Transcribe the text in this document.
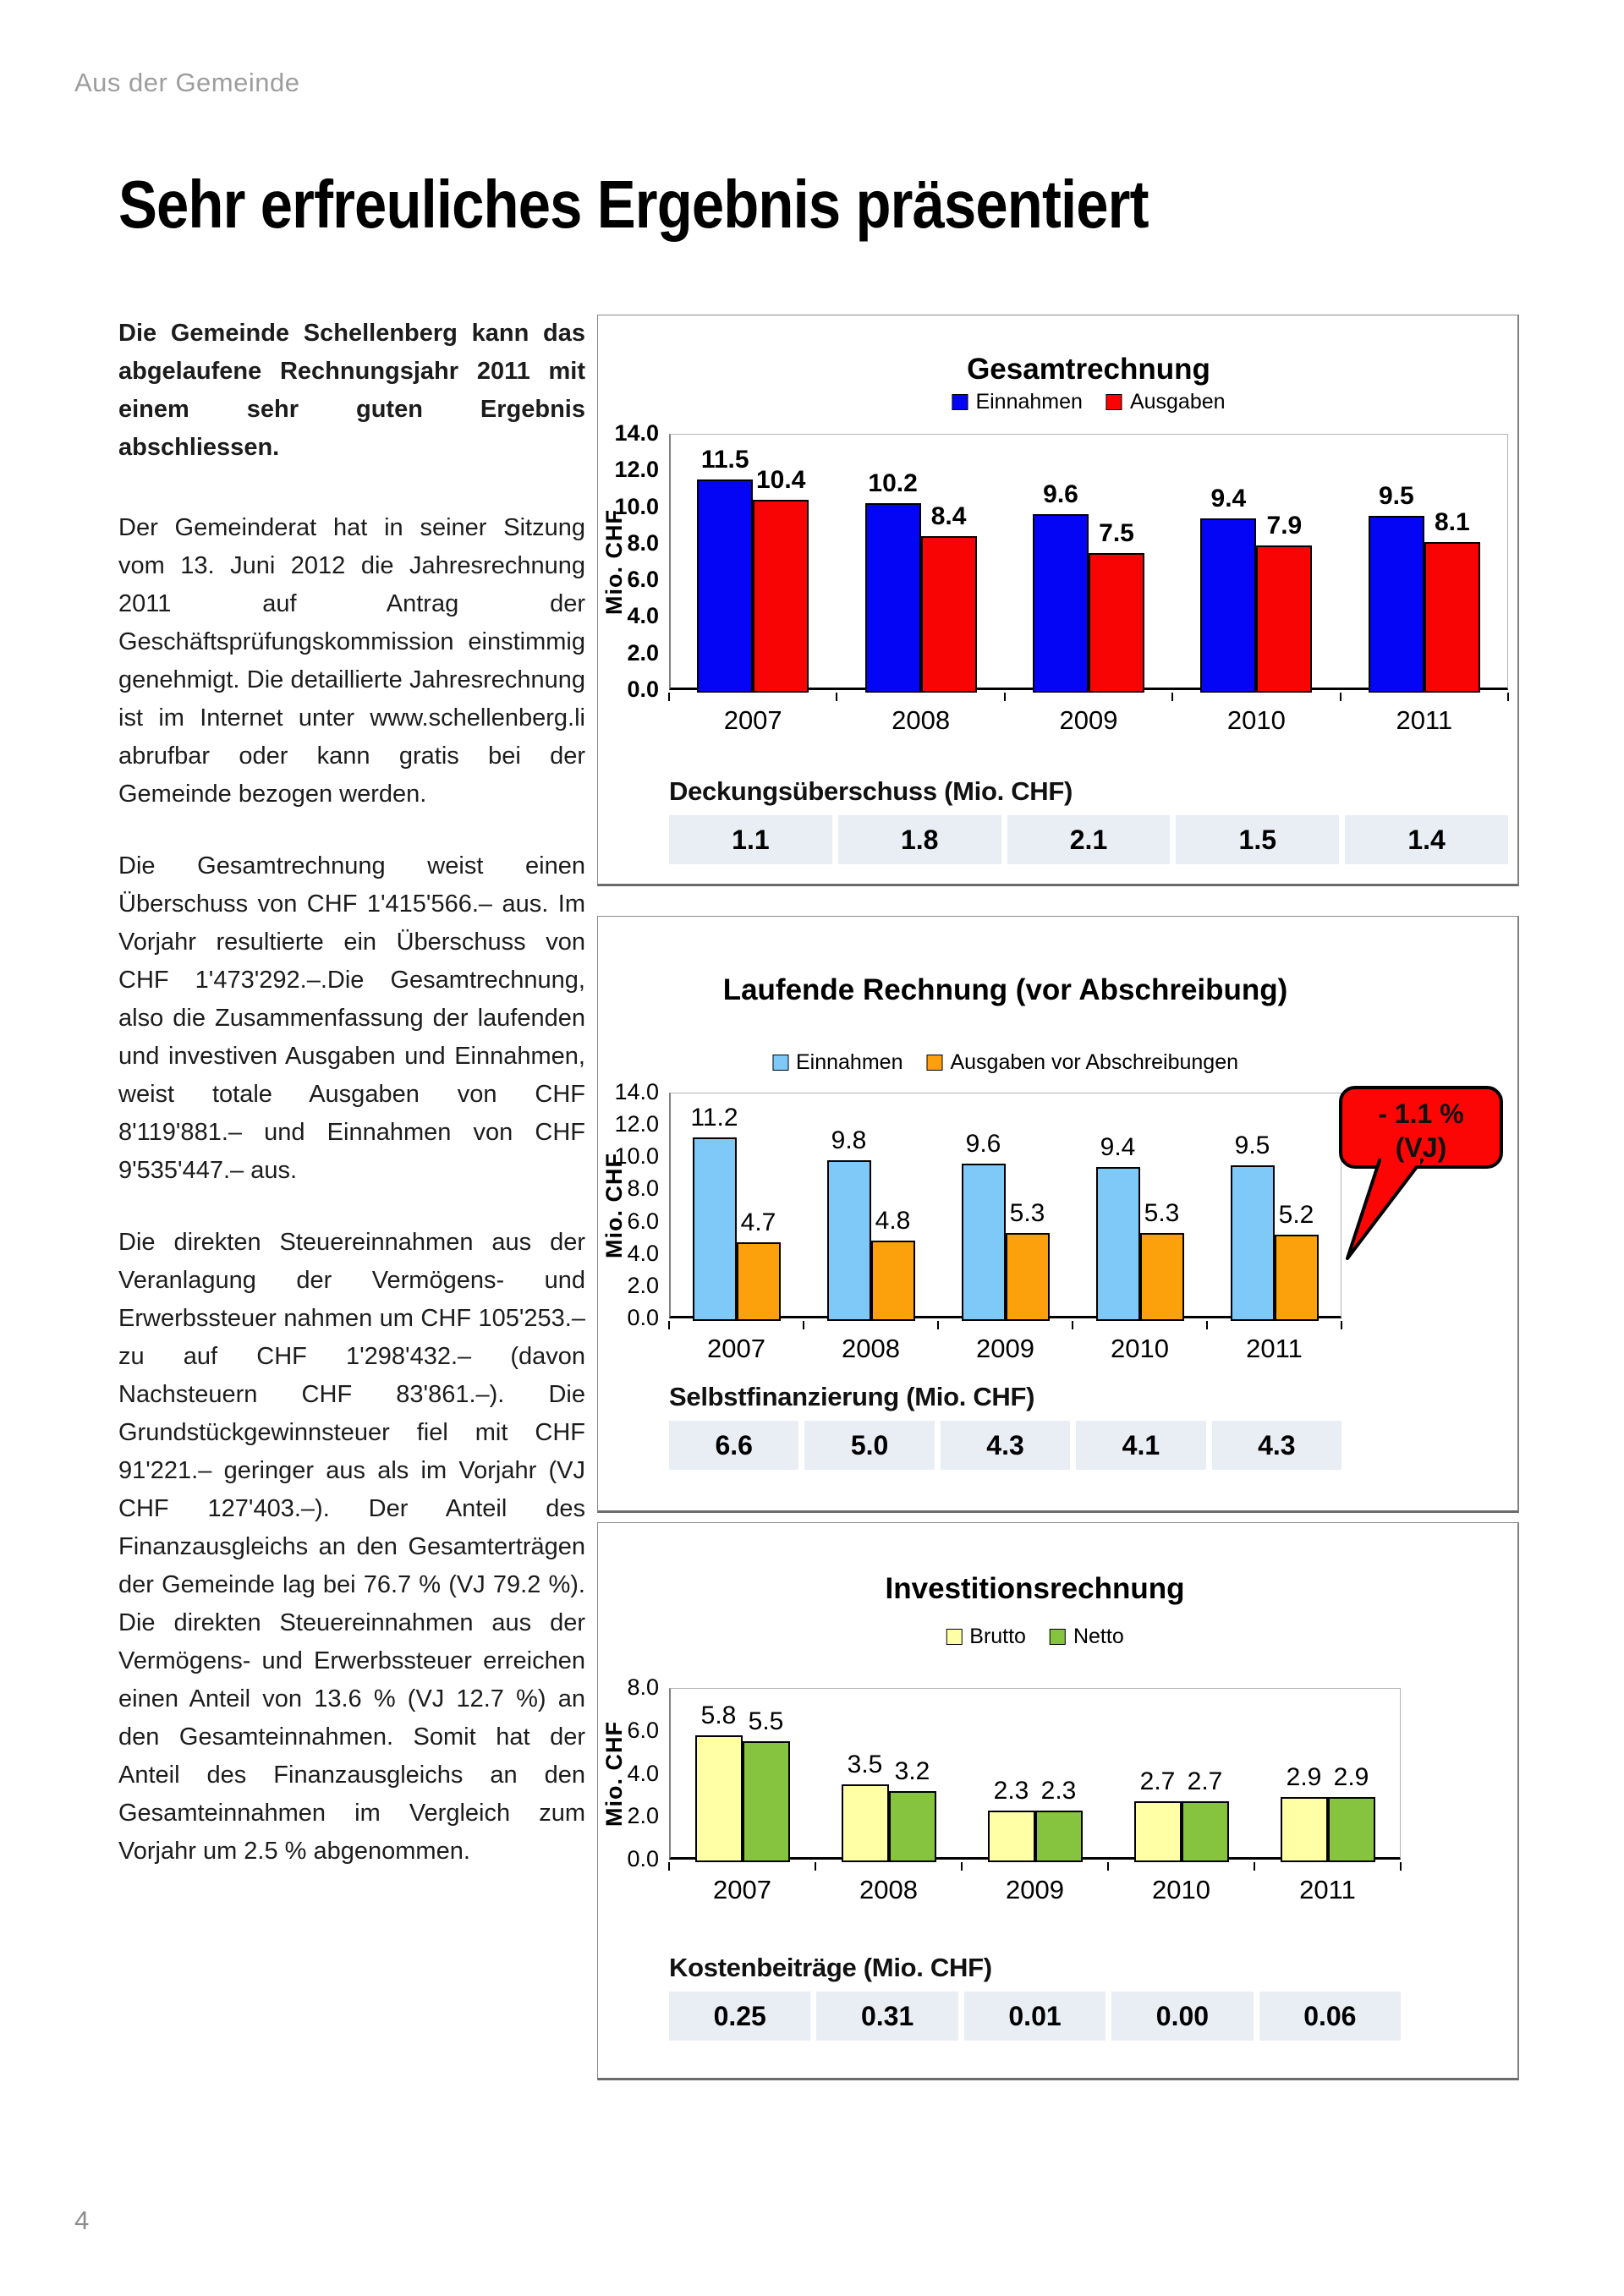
Aus der Gemeinde
Sehr erfreuliches Ergebnis präsentiert

Die Gemeinde Schellenberg kann das abgelaufene Rechnungsjahr 2011 mit einem sehr guten Ergebnis abschliessen.

Der Gemeinderat hat in seiner Sitzung vom 13. Juni 2012 die Jahresrechnung 2011 auf Antrag der Geschäftsprüfungskommission einstimmig genehmigt. Die detaillierte Jahresrechnung ist im Internet unter www.schellenberg.li abrufbar oder kann gratis bei der Gemeinde bezogen werden.

Die Gesamtrechnung weist einen Überschuss von CHF 1'415'566.– aus. Im Vorjahr resultierte ein Überschuss von CHF 1'473'292.–.Die Gesamtrechnung, also die Zusammenfassung der laufenden und investiven Ausgaben und Einnahmen, weist totale Ausgaben von CHF 8'119'881.– und Einnahmen von CHF 9'535'447.– aus.

Die direkten Steuereinnahmen aus der Veranlagung der Vermögens- und Erwerbssteuer nahmen um CHF 105'253.– zu auf CHF 1'298'432.– (davon Nachsteuern CHF 83'861.–). Die Grundstückgewinnsteuer fiel mit CHF 91'221.– geringer aus als im Vorjahr (VJ CHF 127'403.–). Der Anteil des Finanzausgleichs an den Gesamterträgen der Gemeinde lag bei 76.7 % (VJ 79.2 %). Die direkten Steuereinnahmen aus der Vermögens- und Erwerbssteuer erreichen einen Anteil von 13.6 % (VJ 12.7 %) an den Gesamteinnahmen. Somit hat der Anteil des Finanzausgleichs an den Gesamteinnahmen im Vergleich zum Vorjahr um 2.5 % abgenommen.

Gesamtrechnung
Einnahmen Ausgaben
14.0
12.0
10.0
8.0
6.0
4.0
2.0
0.0
Mio. CHF
2007	2008	2009	2010	2011
11.5
10.2	9.6	9.4	9.5
10.4
8.4
7.5	7.9	8.1
Deckungsüberschuss (Mio. CHF)
1.1	1.8	2.1	1.5	1.4
Laufende Rechnung (vor Abschreibung)
Einnahmen Ausgaben vor Abschreibungen
14.0
12.0
10.0
8.0
6.0
4.0
2.0
0.0
Mio. CHF
2007	2008	2009	2010	2011
11.2
9.8	9.6	9.4	9.5
4.7	4.8	5.3	5.3	5.2
Selbstfinanzierung (Mio. CHF)
6.6	5.0	4.3	4.1	4.3
- 1.1 %
(VJ)
Investitionsrechnung
Brutto Netto
8.0
6.0
4.0
2.0
0.0
Mio. CHF
2007	2008	2009	2010	2011
5.8
3.5
2.3	2.7	2.9
5.5
3.2
2.3	2.7	2.9
Kostenbeiträge (Mio. CHF)
0.25	0.31	0.01	0.00	0.06
4
